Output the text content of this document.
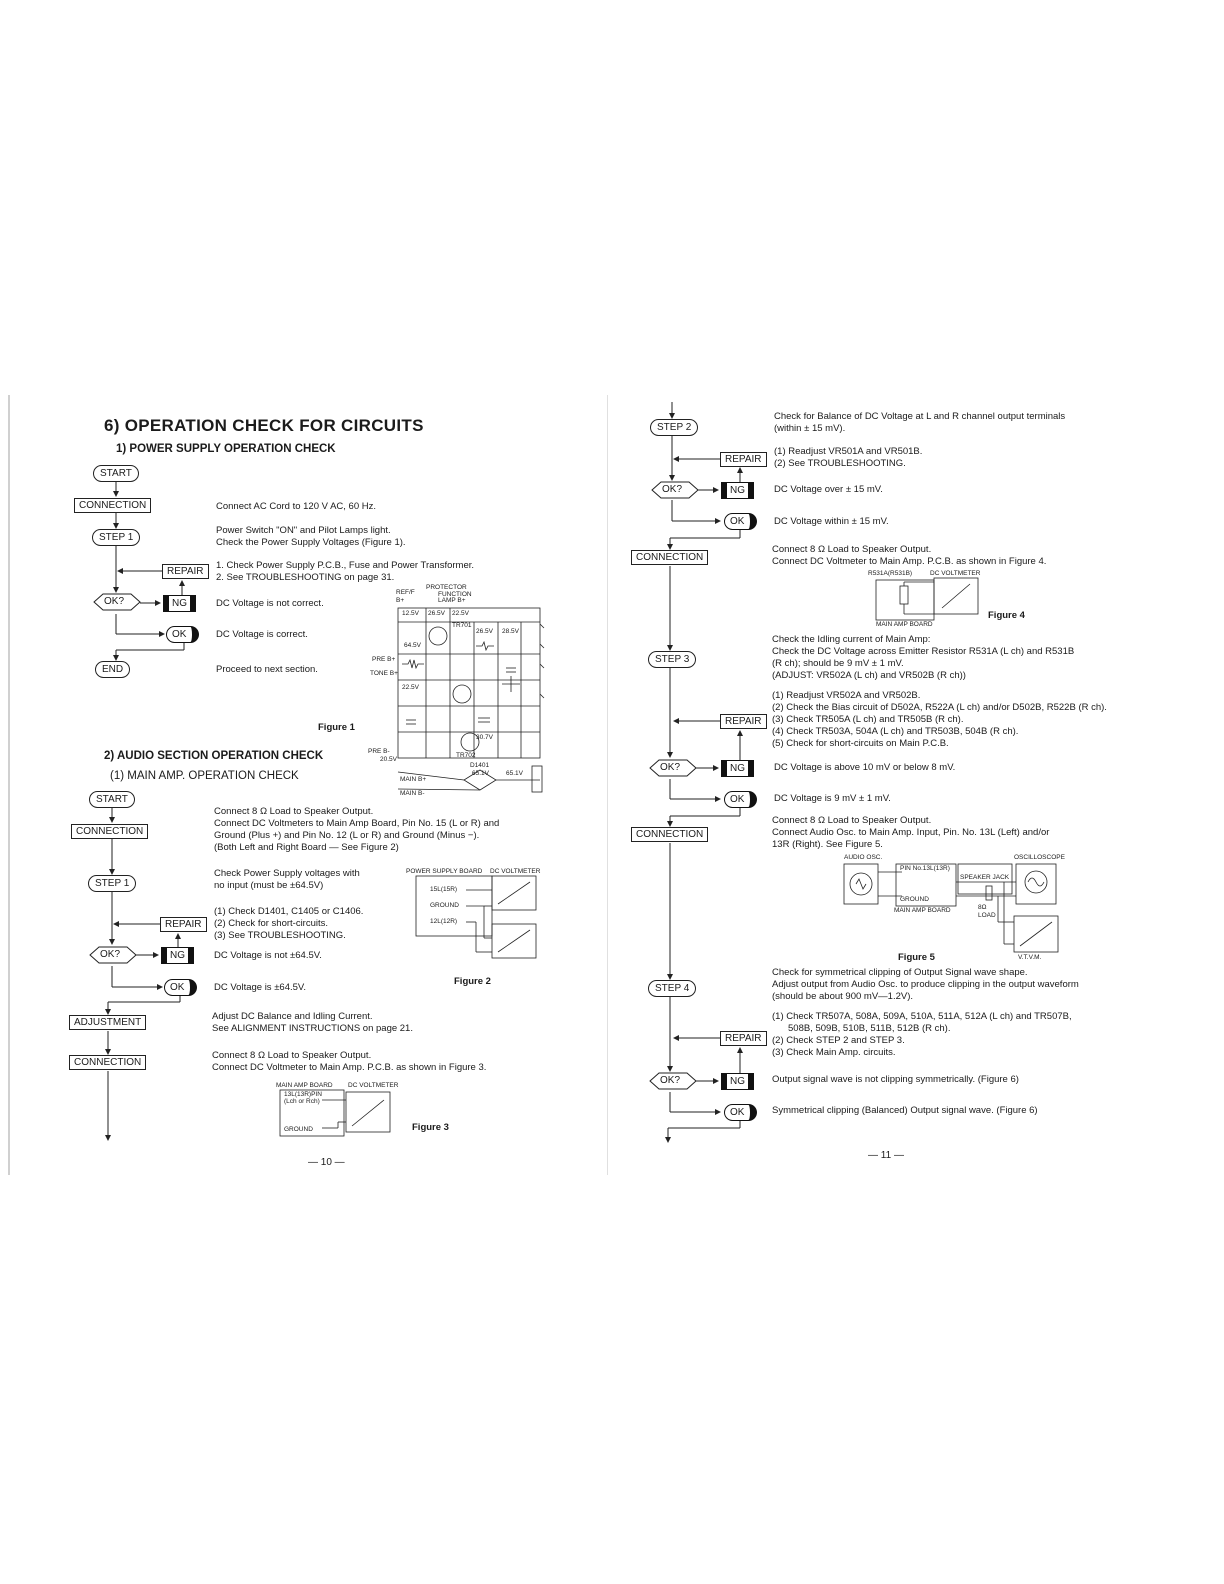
6) OPERATION CHECK FOR CIRCUITS
1) POWER SUPPLY OPERATION CHECK
START
CONNECTION
STEP 1
REPAIR
OK?	NG
OK
END
Connect AC Cord to 120 V AC, 60 Hz.
Power Switch "ON" and Pilot Lamps light.
Check the Power Supply Voltages (Figure 1).
1. Check Power Supply P.C.B., Fuse and Power Transformer.
2. See TROUBLESHOOTING on page 31.
DC Voltage is not correct.
DC Voltage is correct.
Proceed to next section.
PROTECTOR
FUNCTION
LAMP B+
REF/F B+
PRE B+
TONE B+
PRE B-
MAIN B+
MAIN B-
D1401
TR701
TR702
12.5V 26.5V 22.5V
64.5V
26.5V 28.5V
30.7V
22.5V
20.5V
65.1V	65.1V
Figure 1
2) AUDIO SECTION OPERATION CHECK
(1) MAIN AMP. OPERATION CHECK
START
CONNECTION
STEP 1
REPAIR
OK?	NG
OK
ADJUSTMENT
CONNECTION
Connect 8 Ω Load to Speaker Output.
Connect DC Voltmeters to Main Amp Board, Pin No. 15 (L or R) and
Ground (Plus +) and Pin No. 12 (L or R) and Ground (Minus −).
(Both Left and Right Board — See Figure 2)
Check Power Supply voltages with
no input (must be ±64.5V)
(1) Check D1401, C1405 or C1406.
(2) Check for short-circuits.
(3) See TROUBLESHOOTING.
DC Voltage is not ±64.5V.
DC Voltage is ±64.5V.
Adjust DC Balance and Idling Current.
See ALIGNMENT INSTRUCTIONS on page 21.
Connect 8 Ω Load to Speaker Output.
Connect DC Voltmeter to Main Amp. P.C.B. as shown in Figure 3.
POWER SUPPLY BOARD DC VOLTMETER
15L(15R)
GROUND
12L(12R)
Figure 2
MAIN AMP BOARD DC VOLTMETER
13L(13R)PIN
(Lch or Rch)
GROUND	Figure 3
— 10 —
STEP 2
REPAIR
OK?	NG
OK
CONNECTION
STEP 3
REPAIR
OK?	NG
OK
CONNECTION
STEP 4
REPAIR
OK?	NG
OK
Check for Balance of DC Voltage at L and R channel output terminals
(within ± 15 mV).
(1) Readjust VR501A and VR501B.
(2) See TROUBLESHOOTING.
DC Voltage over ± 15 mV.
DC Voltage within ± 15 mV.
Connect 8 Ω Load to Speaker Output.
Connect DC Voltmeter to Main Amp. P.C.B. as shown in Figure 4.
R531A(R531B)	DC VOLTMETER
MAIN AMP BOARD
Figure 4
Check the Idling current of Main Amp:
Check the DC Voltage across Emitter Resistor R531A (L ch) and R531B
(R ch); should be 9 mV ± 1 mV.
(ADJUST: VR502A (L ch) and VR502B (R ch))
(1) Readjust VR502A and VR502B.
(2) Check the Bias circuit of D502A, R522A (L ch) and/or D502B, R522B (R ch).
(3) Check TR505A (L ch) and TR505B (R ch).
(4) Check TR503A, 504A (L ch) and TR503B, 504B (R ch).
(5) Check for short-circuits on Main P.C.B.
DC Voltage is above 10 mV or below 8 mV.
DC Voltage is 9 mV ± 1 mV.
Connect 8 Ω Load to Speaker Output.
Connect Audio Osc. to Main Amp. Input, Pin. No. 13L (Left) and/or
13R (Right). See Figure 5.
AUDIO OSC.	OSCILLOSCOPE
PIN No.13L(13R)
SPEAKER JACK
GROUND
MAIN AMP BOARD	8Ω LOAD
V.T.V.M.
Figure 5
Check for symmetrical clipping of Output Signal wave shape.
Adjust output from Audio Osc. to produce clipping in the output waveform
(should be about 900 mV—1.2V).
(1) Check TR507A, 508A, 509A, 510A, 511A, 512A (L ch) and TR507B,
508B, 509B, 510B, 511B, 512B (R ch).
(2) Check STEP 2 and STEP 3.
(3) Check Main Amp. circuits.
Output signal wave is not clipping symmetrically. (Figure 6)
Symmetrical clipping (Balanced) Output signal wave. (Figure 6)
— 11 —
